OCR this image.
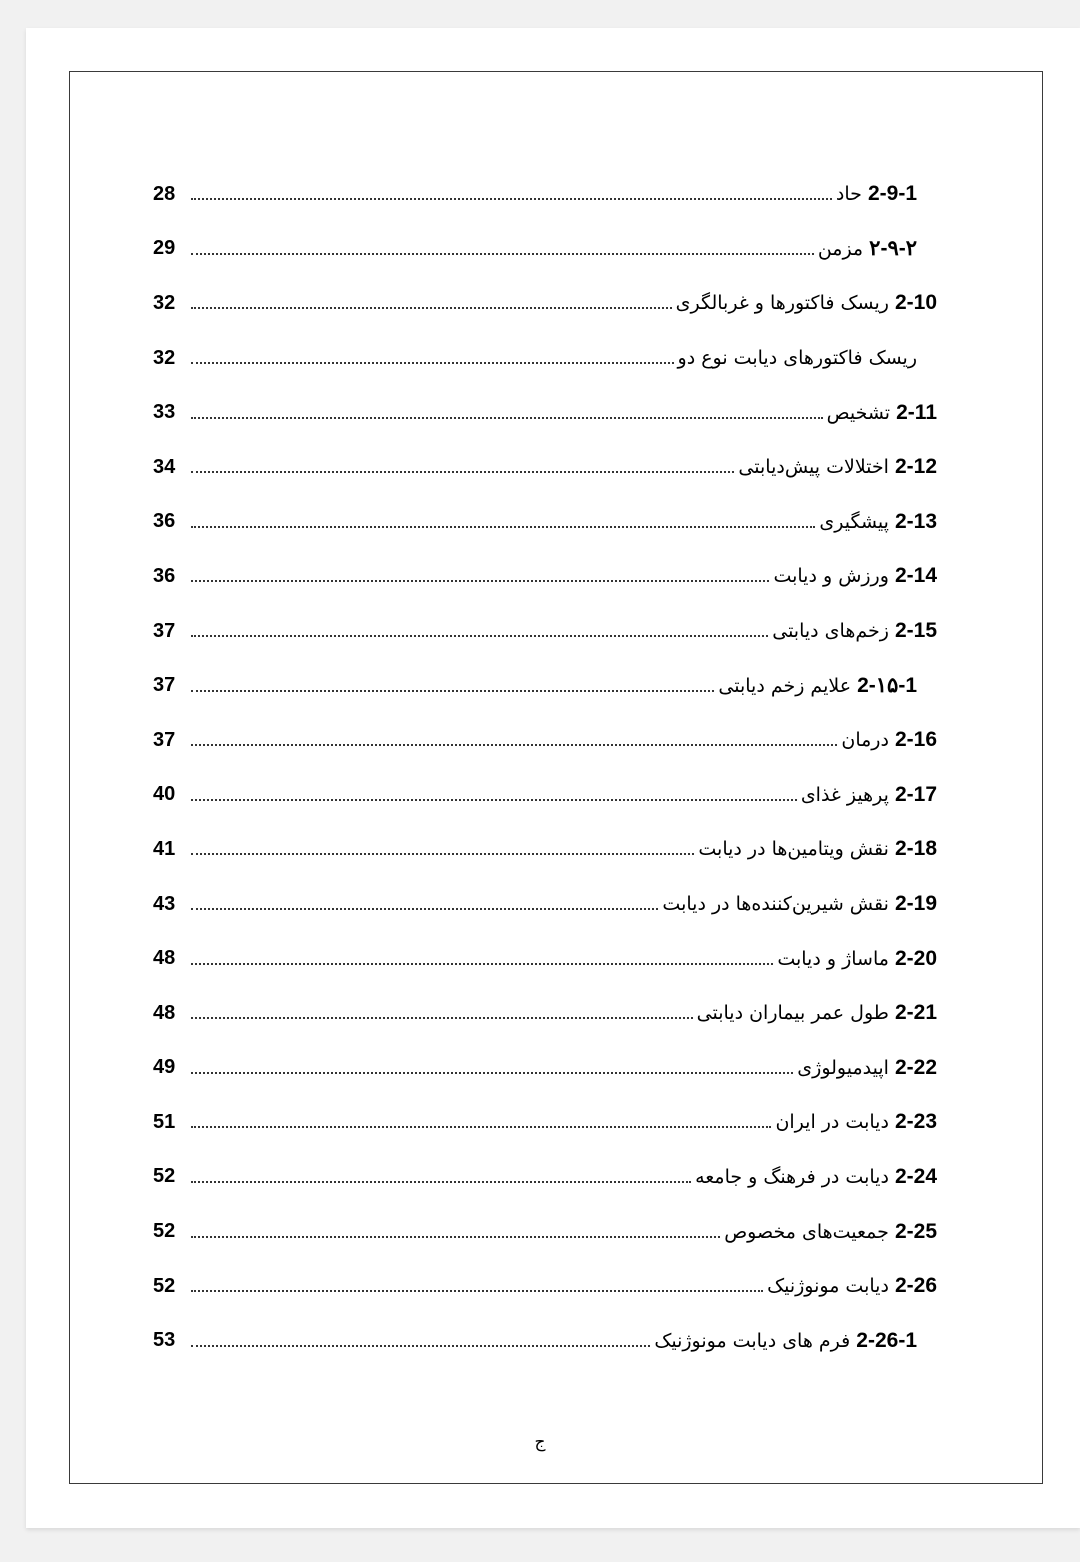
28	2-9-1 حاد
29	۲-۹-۲ مزمن
32	2-10 ریسک فاکتورها و غربالگری
32	ریسک فاکتورهای دیابت نوع دو
33	2-11 تشخیص
34	2-12 اختلالات پیش‌دیابتی
36	2-13 پیشگیری
36	2-14 ورزش و دیابت
37	2-15 زخم‌های دیابتی
37	2-۱۵-1 علایم زخم دیابتی
37	2-16 درمان
40	2-17 پرهیز غذای
41	2-18 نقش ویتامین‌ها در دیابت
43	2-19 نقش شیرین‌کننده‌ها در دیابت
48	2-20 ماساژ و دیابت
48	2-21 طول عمر بیماران دیابتی
49	2-22 اپیدمیولوژی
51	2-23 دیابت در ایران
52	2-24 دیابت در فرهنگ و جامعه
52	2-25 جمعیت‌های مخصوص
52	2-26 دیابت مونوژنیک
53	2-26-1 فرم های دیابت مونوژنیک
ج
